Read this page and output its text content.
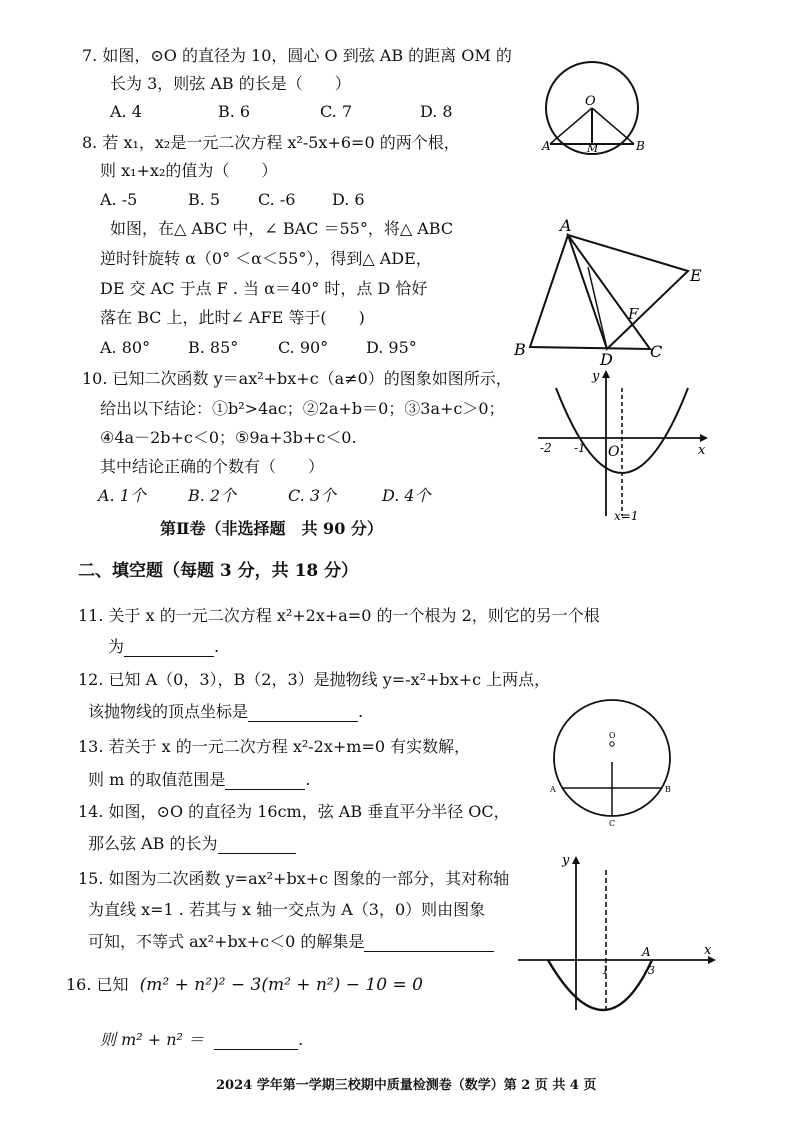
7. 如图，⊙O 的直径为 10，圆心 O 到弦 AB 的距离 OM 的
长为 3，则弦 AB 的长是（　　）
A. 4	B. 6	C. 7	D. 8
O
A	M	B
8. 若 x₁，x₂是一元二次方程 x²-5x+6=0 的两个根，
则 x₁+x₂的值为（　　）
A. -5	B. 5 C. -6 D. 6
如图，在△ ABC 中，∠ BAC ＝55°，将△ ABC
逆时针旋转 α（0° ＜α＜55°），得到△ ADE，
DE 交 AC 于点 F . 当 α＝40° 时，点 D 恰好
落在 BC 上，此时∠ AFE 等于(　　)
A. 80° B. 85° C. 90° D. 95°
A
B	C
D
E
F
10. 已知二次函数 y＝ax²+bx+c（a≠0）的图象如图所示，
给出以下结论：①b²>4ac；②2a+b＝0；③3a+c＞0；
④4a－2b+c＜0；⑤9a+3b+c＜0.
其中结论正确的个数有（　　）
A. 1个	B. 2个	C. 3个	D. 4个
y
x
O
-2 -1
x=1
第Ⅱ卷（非选择题　共 90 分）
二、填空题（每题 3 分，共 18 分）
11. 关于 x 的一元二次方程 x²+2x+a=0 的一个根为 2，则它的另一个根
为	.
12. 已知 A（0，3），B（2，3）是抛物线 y=-x²+bx+c 上两点，
该抛物线的顶点坐标是	.
13. 若关于 x 的一元二次方程 x²-2x+m=0 有实数解，
则 m 的取值范围是	.
O
A	B
C
14. 如图，⊙O 的直径为 16cm，弦 AB 垂直平分半径 OC，
那么弦 AB 的长为
15. 如图为二次函数 y=ax²+bx+c 图象的一部分，其对称轴
为直线 x=1 . 若其与 x 轴一交点为 A（3，0）则由图象
可知，不等式 ax²+bx+c＜0 的解集是
y
x
A
1	3
16. 已知 (m² + n²)² − 3(m² + n²) − 10 = 0
则 m² + n² ＝	.
2024 学年第一学期三校期中质量检测卷（数学）第 2 页 共 4 页
